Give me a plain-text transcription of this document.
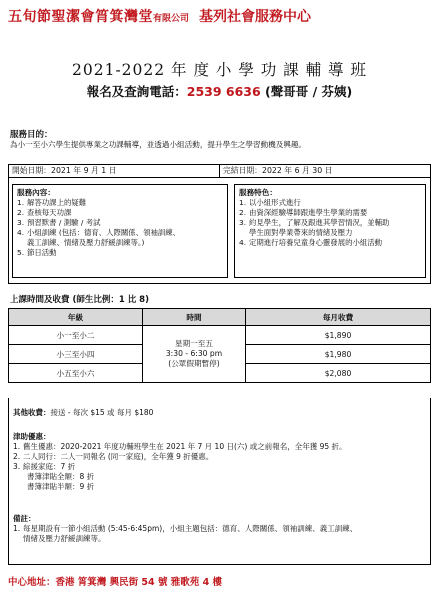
五旬節聖潔會筲箕灣堂有限公司 基列社會服務中心
2021-2022 年 度 小 學 功 課 輔 導 班
報名及查詢電話：2539 6636 (聲哥哥 / 芬姨)
服務目的：
為小一至小六學生提供專業之功課輔導，並透過小組活動，提升學生之學習動機及興趣。
開始日期：2021 年 9 月 1 日	完結日期：2022 年 6 月 30 日
服務內容：
1. 解答功課上的疑難
2. 查核每天功課
3. 預習默書 / 測驗 / 考試
4. 小組訓練 (包括：德育、人際關係、領袖訓練、
義工訓練、情緒及壓力舒緩訓練等。)
5. 節日活動
服務特色：
1. 以小組形式進行
2. 由資深經驗導師跟進學生學業的需要
3. 約見學生，了解及跟進其學習情況，並輔助
學生面對學業帶來的情緒及壓力
4. 定期進行培養兒童身心靈發展的小組活動
上課時間及收費 (師生比例：1 比 8)
年級	時間	每月收費
小一至小二	星期一至五
3:30 - 6:30 pm
(公眾假期暫停)	$1,890
小三至小四		$1,980
小五至小六		$2,080
其他收費：接送 - 每次 $15 或 每月 $180
津助優惠：
1. 舊生優惠：2020-2021 年度功輔班學生在 2021 年 7 月 10 日(六) 或之前報名，全年獲 95 折。
2. 二人同行：二人一同報名 (同一家庭)，全年獲 9 折優惠。
3. 綜援家庭：7 折
書簿津貼全額：8 折
書簿津貼半額：9 折
備註：
1. 每星期設有一節小組活動 (5:45-6:45pm)，小組主題包括：德育、人際關係、領袖訓練、義工訓練、
情緒及壓力舒緩訓練等。
中心地址：香港 筲箕灣 興民街 54 號 雅歌苑 4 樓
